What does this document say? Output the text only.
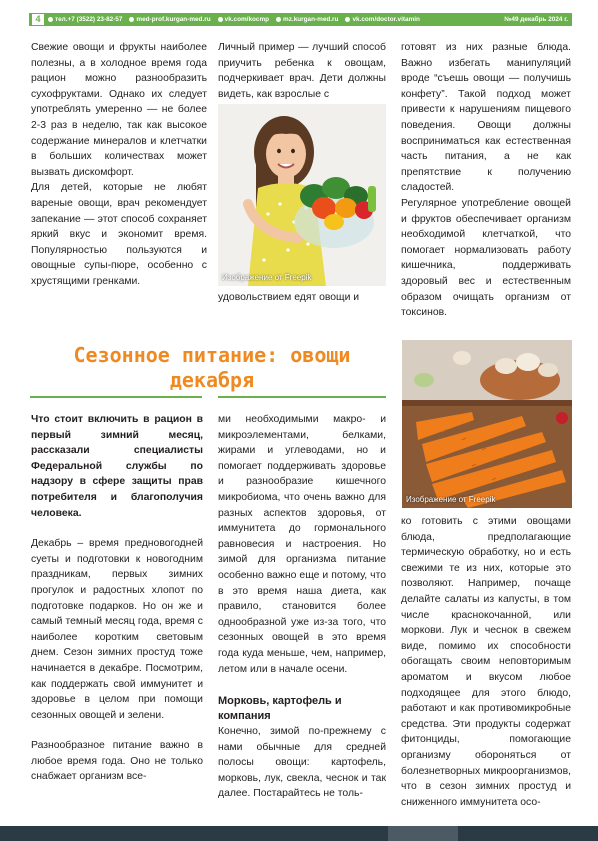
4	тел.+7 (3522) 23-82-57 med-prof.kurgan-med.ru vk.com/kocmp mz.kurgan-med.ru vk.com/doctor.vitamin	№49 декабрь 2024 г.

Свежие овощи и фрукты наиболее полезны, а в холодное время года рацион можно разнообразить сухофруктами. Однако их следует употреблять умеренно — не более 2-3 раз в неделю, так как высокое содержание минералов и клетчатки в больших количествах может вызвать дискомфорт.

Для детей, которые не любят вареные овощи, врач рекомендует запекание — этот способ сохраняет яркий вкус и экономит время. Популярностью пользуются и овощные супы-пюре, особенно с хрустящими гренками.

Личный пример — лучший способ приучить ребенка к овощам, подчеркивает врач. Дети должны видеть, как взрослые с

Изображение от Freepik

удовольствием едят овощи и

готовят из них разные блюда. Важно избегать манипуляций вроде “съешь овощи — получишь конфету”. Такой подход может привести к нарушениям пищевого поведения. Овощи должны восприниматься как естественная часть питания, а не как препятствие к получению сладостей.

Регулярное употребление овощей и фруктов обеспечивает организм необходимой клетчаткой, что помогает нормализовать работу кишечника, поддерживать здоровый вес и естественным образом очищать организм от токсинов.

Сезонное питание: овощи декабря
Изображение от Freepik

Что стоит включить в рацион в первый зимний месяц, рассказали специалисты Федеральной службы по надзору в сфере защиты прав потребителя и благополучия человека.

Декабрь – время предновогодней суеты и подготовки к новогодним праздникам, первых зимних прогулок и радостных хлопот по подготовке подарков. Но он же и самый темный месяц года, время с наиболее коротким световым днем. Сезон зимних простуд тоже начинается в декабре. Посмотрим, как поддержать свой иммунитет и здоровье в целом при помощи сезонных овощей и зелени.

Разнообразное питание важно в любое время года. Оно не только снабжает организм все-

ми необходимыми макро- и микроэлементами, белками, жирами и углеводами, но и помогает поддерживать здоровье и разнообразие кишечного микробиома, что очень важно для разных аспектов здоровья, от иммунитета до гормонального равновесия и настроения. Но зимой для организма питание особенно важно еще и потому, что в это время наша диета, как правило, становится более однообразной уже из-за того, что сезонных овощей в это время года куда меньше, чем, например, летом или в начале осени.

Морковь, картофель и компания

Конечно, зимой по-прежнему с нами обычные для средней полосы овощи: картофель, морковь, лук, свекла, чеснок и так далее. Постарайтесь не толь-

ко готовить с этими овощами блюда, предполагающие термическую обработку, но и есть свежими те из них, которые это позволяют. Например, почаще делайте салаты из капусты, в том числе краснокочанной, или моркови. Лук и чеснок в свежем виде, помимо их способности обогащать своим неповторимым ароматом и вкусом любое подходящее для этого блюдо, работают и как противомикробные средства. Эти продукты содержат фитонциды, помогающие организму обороняться от болезнетворных микроорганизмов, что в сезон зимних простуд и сниженного иммунитета осо-
